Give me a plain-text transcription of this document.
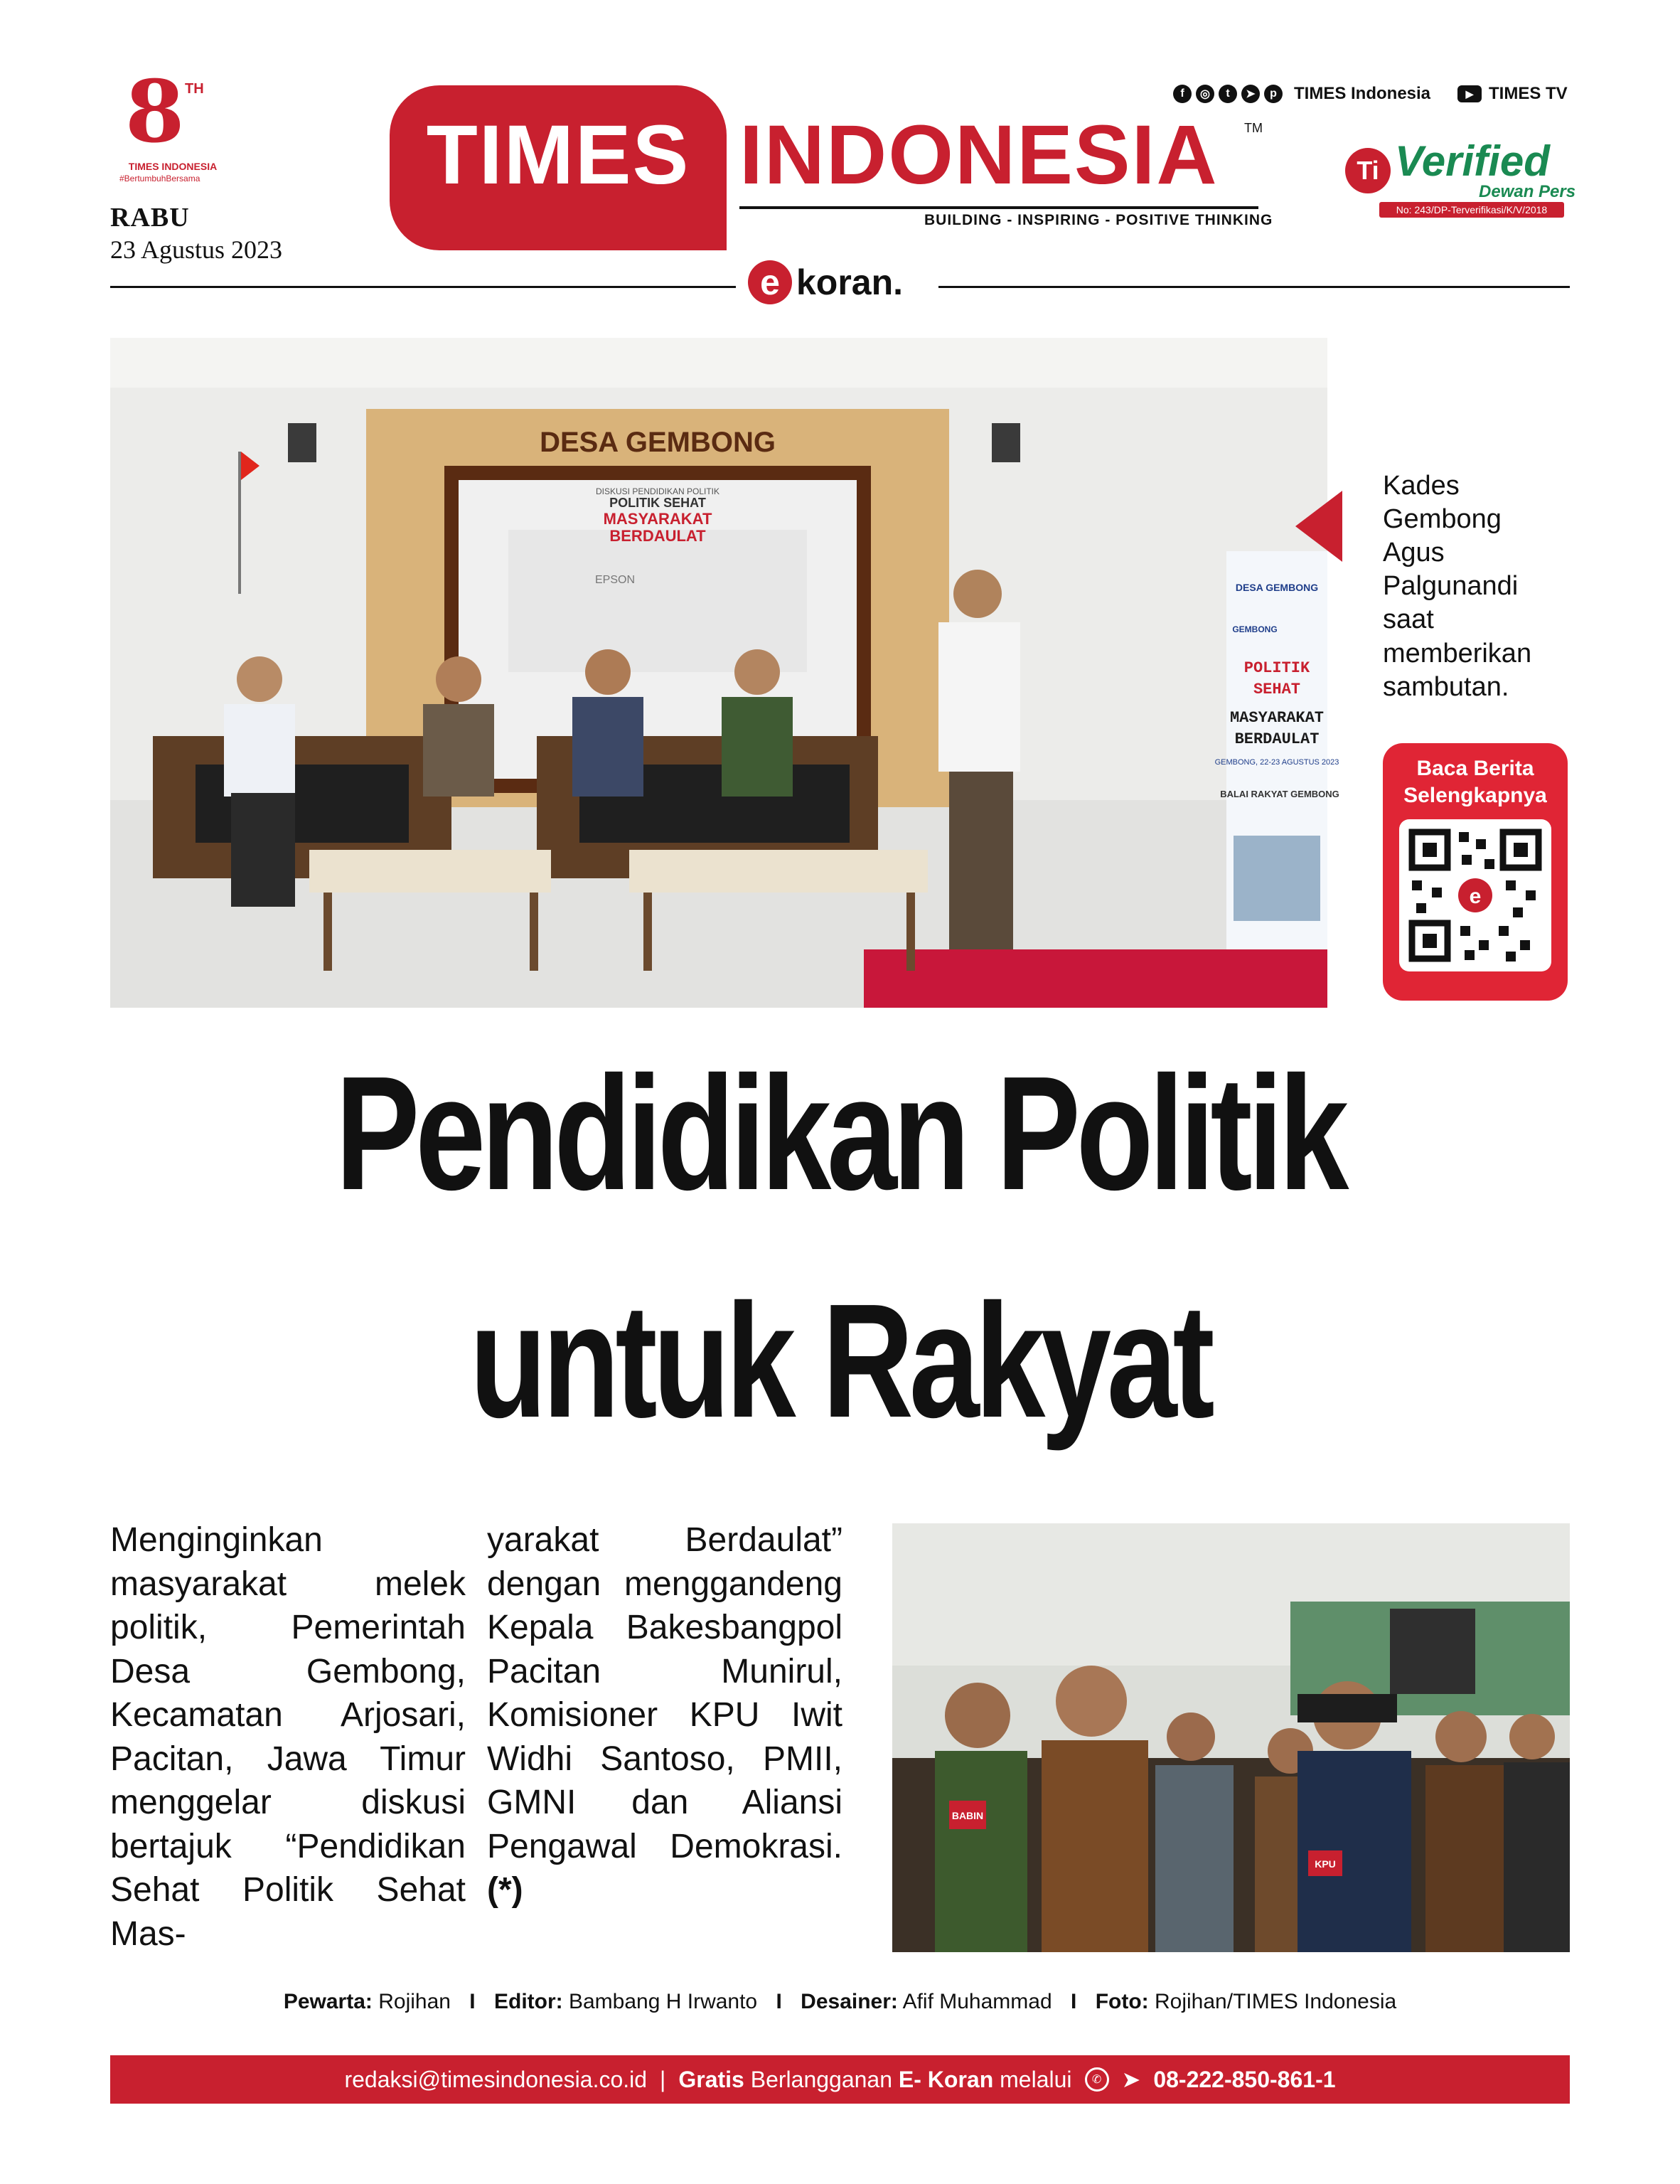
8 TH
TIMES INDONESIA
#BertumbuhBersama
RABU
23 Agustus 2023
TIMES INDONESIA TM
BUILDING - INSPIRING - POSITIVE THINKING
f	◎	t	➤	p	TIMES Indonesia	▶ TIMES TV
Ti Verified
Dewan Pers
No: 243/DP-Terverifikasi/K/V/2018
e koran.
DESA GEMBONG
DISKUSI PENDIDIKAN POLITIK
POLITIK SEHAT
MASYARAKAT
BERDAULAT
EPSON
DESA GEMBONG
GEMBONG
POLITIK
SEHAT
MASYARAKAT
BERDAULAT
GEMBONG, 22-23 AGUSTUS 2023
BALAI RAKYAT GEMBONG
Kades Gembong Agus Palgunandi saat memberikan sambutan.
Baca Berita
Selengkapnya
e
Pendidikan Politik
untuk Rakyat
Menginginkan masyarakat melek politik, Pemerintah Desa Gembong, Kecamatan Arjosari, Pacitan, Jawa Timur menggelar diskusi bertajuk “Pendidikan Sehat Politik Sehat Mas-
yarakat Berdaulat” dengan menggandeng Kepala Bakesbangpol Pacitan Munirul, Komisioner KPU Iwit Widhi Santoso, PMII, GMNI dan Aliansi Pengawal Demokrasi. (*)
BABIN
KPU
Pewarta: Rojihan I Editor: Bambang H Irwanto I Desainer: Afif Muhammad I Foto: Rojihan/TIMES Indonesia
redaksi@timesindonesia.co.id | Gratis Berlangganan E- Koran melalui	✆ ➤ 08-222-850-861-1
